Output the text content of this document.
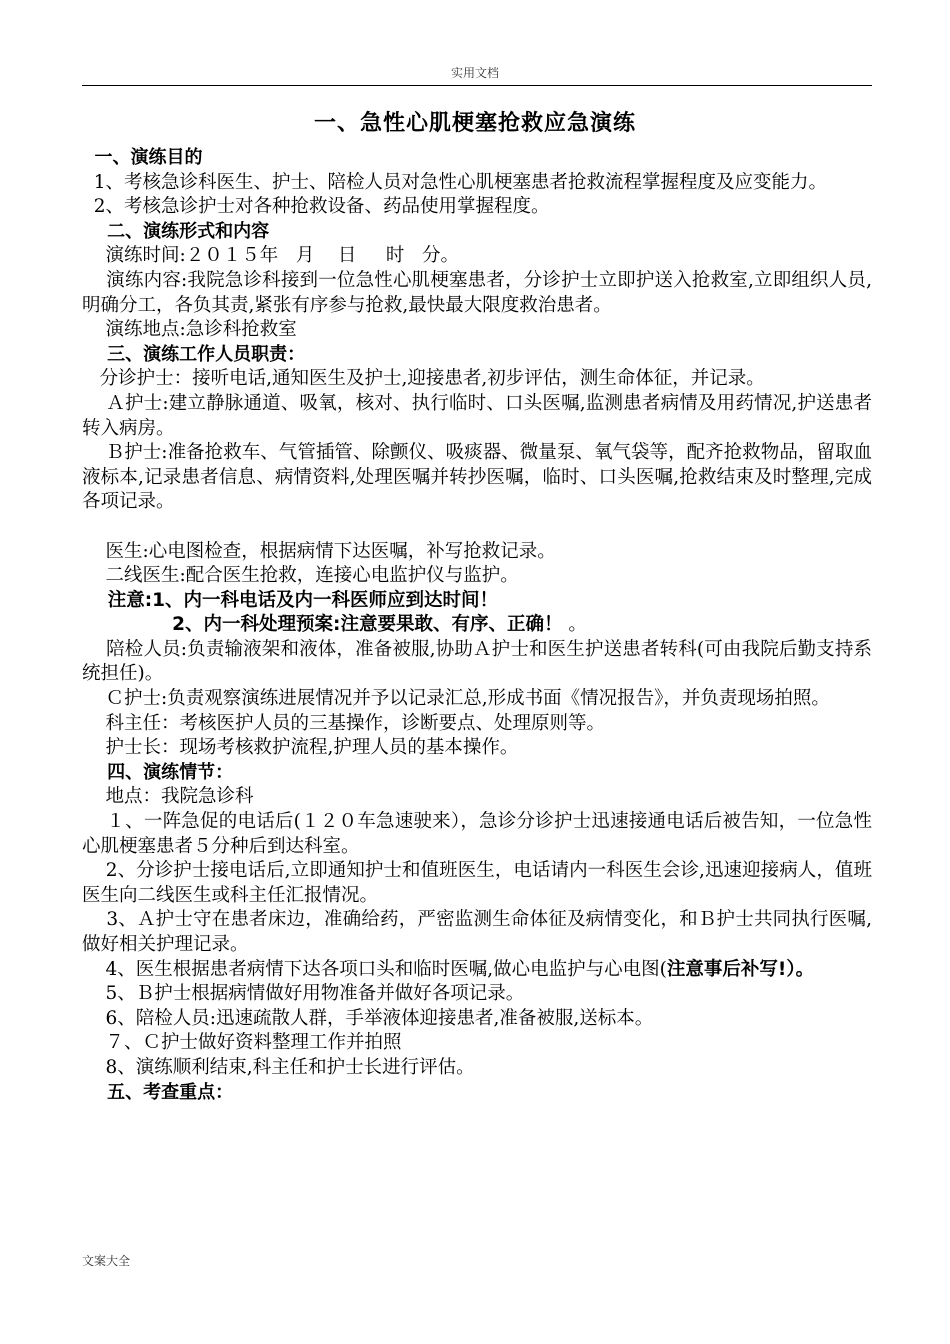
实用文档
一、急性心肌梗塞抢救应急演练

一、演练目的

1、考核急诊科医生、护士、陪检人员对急性心肌梗塞患者抢救流程掌握程度及应变能力。

2、考核急诊护士对各种抢救设备、药品使用掌握程度。

二、演练形式和内容

演练时间:２０１５年   月    日     时   分。

演练内容:我院急诊科接到一位急性心肌梗塞患者，分诊护士立即护送入抢救室,立即组织人员,明确分工，各负其责,紧张有序参与抢救,最快最大限度救治患者。

演练地点:急诊科抢救室

三、演练工作人员职责：

分诊护士：接听电话,通知医生及护士,迎接患者,初步评估，测生命体征，并记录。

Ａ护士:建立静脉通道、吸氧，核对、执行临时、口头医嘱,监测患者病情及用药情况,护送患者转入病房。

Ｂ护士:准备抢救车、气管插管、除颤仪、吸痰器、微量泵、氧气袋等，配齐抢救物品，留取血液标本,记录患者信息、病情资料,处理医嘱并转抄医嘱，临时、口头医嘱,抢救结束及时整理,完成各项记录。

医生:心电图检查，根据病情下达医嘱，补写抢救记录。

二线医生:配合医生抢救，连接心电监护仪与监护。

注意:1、内一科电话及内一科医师应到达时间！

2、内一科处理预案:注意要果敢、有序、正确！ 。

陪检人员:负责输液架和液体，准备被服,协助Ａ护士和医生护送患者转科(可由我院后勤支持系统担任)。

Ｃ护士:负责观察演练进展情况并予以记录汇总,形成书面《情况报告》，并负责现场拍照。

科主任：考核医护人员的三基操作，诊断要点、处理原则等。

护士长：现场考核救护流程,护理人员的基本操作。

四、演练情节：

地点：我院急诊科

１、一阵急促的电话后(１２０车急速驶来），急诊分诊护士迅速接通电话后被告知，一位急性心肌梗塞患者５分种后到达科室。

2、分诊护士接电话后,立即通知护士和值班医生，电话请内一科医生会诊,迅速迎接病人，值班医生向二线医生或科主任汇报情况。

3、Ａ护士守在患者床边，准确给药，严密监测生命体征及病情变化，和Ｂ护士共同执行医嘱,做好相关护理记录。

4、医生根据患者病情下达各项口头和临时医嘱,做心电监护与心电图(注意事后补写!）。

5、Ｂ护士根据病情做好用物准备并做好各项记录。

6、陪检人员:迅速疏散人群，手举液体迎接患者,准备被服,送标本。

７、Ｃ护士做好资料整理工作并拍照

8、演练顺利结束,科主任和护士长进行评估。

五、考查重点：

文案大全
